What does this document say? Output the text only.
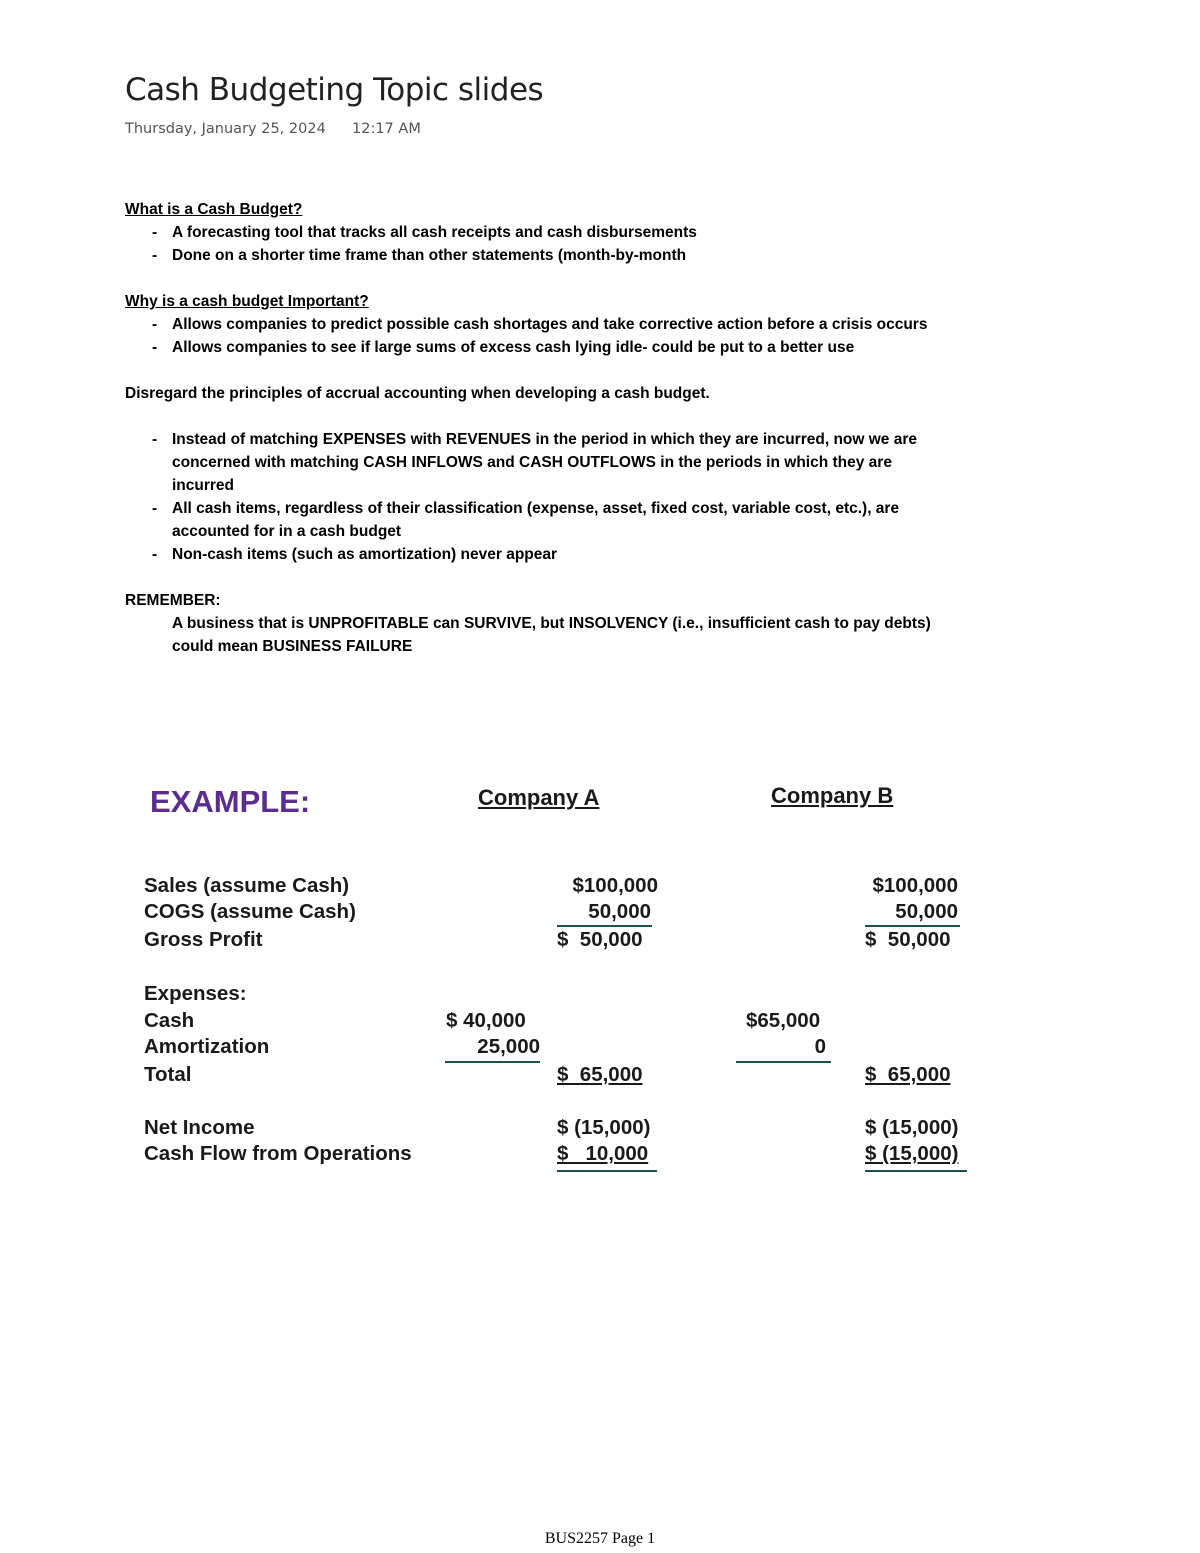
Cash Budgeting Topic slides
Thursday, January 25, 2024 12:17 AM
What is a Cash Budget?
- A forecasting tool that tracks all cash receipts and cash disbursements
- Done on a shorter time frame than other statements (month-by-month
Why is a cash budget Important?
- Allows companies to predict possible cash shortages and take corrective action before a crisis occurs
- Allows companies to see if large sums of excess cash lying idle- could be put to a better use
Disregard the principles of accrual accounting when developing a cash budget.
- Instead of matching EXPENSES with REVENUES in the period in which they are incurred, now we are concerned with matching CASH INFLOWS and CASH OUTFLOWS in the periods in which they are incurred
- All cash items, regardless of their classification (expense, asset, fixed cost, variable cost, etc.), are accounted for in a cash budget
- Non-cash items (such as amortization) never appear
REMEMBER:
A business that is UNPROFITABLE can SURVIVE, but INSOLVENCY (i.e., insufficient cash to pay debts) could mean BUSINESS FAILURE
EXAMPLE:	Company A	Company B
Sales (assume Cash)
COGS (assume Cash)
Gross Profit
Expenses:
Cash
Amortization
Total
Net Income
Cash Flow from Operations
$100,000
50,000
$  50,000
$ 40,000
25,000
$  65,000
$ (15,000)
$   10,000
$100,000
50,000
$  50,000
$65,000
0
$  65,000
$ (15,000)
$ (15,000)
BUS2257 Page 1
